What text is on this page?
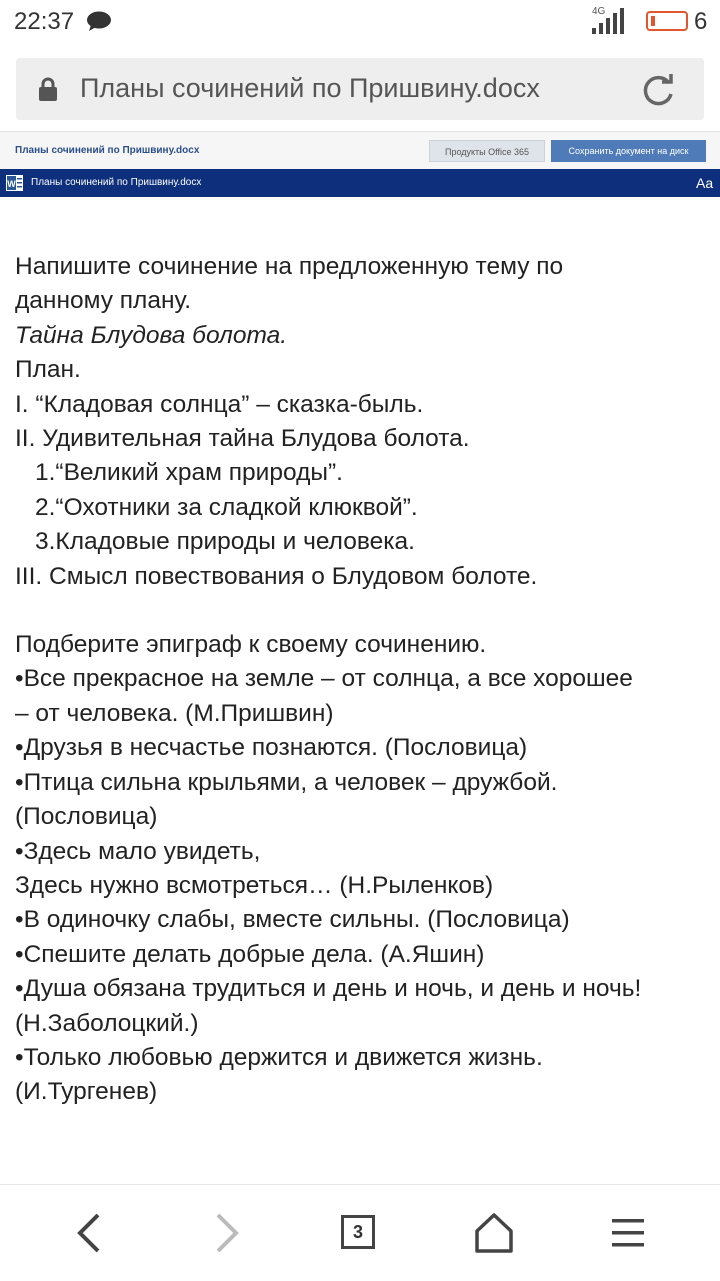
22:37	4G	6
Планы сочинений по Пришвину.docx
Планы сочинений по Пришвину.docx	Продукты Office 365	Сохранить документ на диск
W Планы сочинений по Пришвину.docx	Aa

Напишите сочинение на предложенную тему по

данному плану.

Тайна Блудова болота.

План.

I. “Кладовая солнца” – сказка-быль.

II. Удивительная тайна Блудова болота.

1.“Великий храм природы”.

2.“Охотники за сладкой клюквой”.

3.Кладовые природы и человека.

III. Смысл повествования о Блудовом болоте.

Подберите эпиграф к своему сочинению.

•Все прекрасное на земле – от солнца, а все хорошее

– от человека. (М.Пришвин)

•Друзья в несчастье познаются. (Пословица)

•Птица сильна крыльями, а человек – дружбой.

(Пословица)

•Здесь мало увидеть,

Здесь нужно всмотреться… (Н.Рыленков)

•В одиночку слабы, вместе сильны. (Пословица)

•Спешите делать добрые дела. (А.Яшин)

•Душа обязана трудиться и день и ночь, и день и ночь!

(Н.Заболоцкий.)

•Только любовью держится и движется жизнь.

(И.Тургенев)

3
